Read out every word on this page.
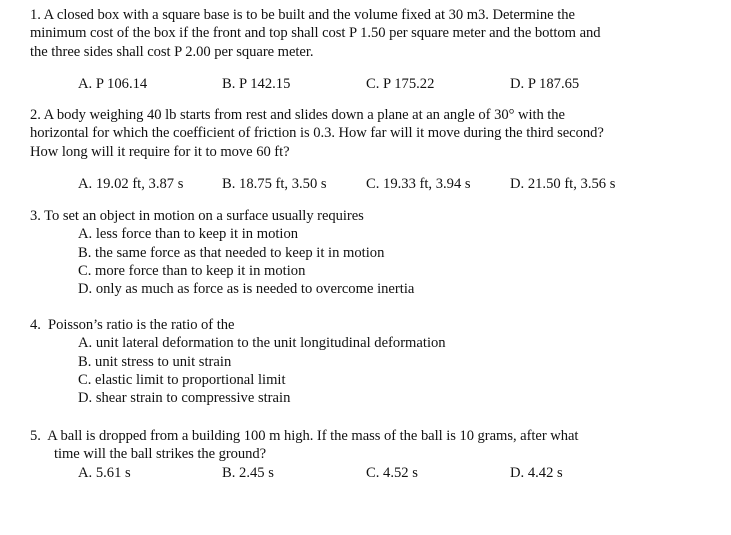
1. A closed box with a square base is to be built and the volume fixed at 30 m3. Determine the

minimum cost of the box if the front and top shall cost P 1.50 per square meter and the bottom and

the three sides shall cost P 2.00 per square meter.

A. P 106.14	B. P 142.15	C. P 175.22	D. P 187.65

2. A body weighing 40 lb starts from rest and slides down a plane at an angle of 30° with the

horizontal for which the coefficient of friction is 0.3. How far will it move during the third second?

How long will it require for it to move 60 ft?

A. 19.02 ft, 3.87 s	B. 18.75 ft, 3.50 s	C. 19.33 ft, 3.94 s	D. 21.50 ft, 3.56 s

3. To set an object in motion on a surface usually requires

A. less force than to keep it in motion
B. the same force as that needed to keep it in motion
C. more force than to keep it in motion
D. only as much as force as is needed to overcome inertia

4.  Poisson’s ratio is the ratio of the

A. unit lateral deformation to the unit longitudinal deformation
B. unit stress to unit strain
C. elastic limit to proportional limit
D. shear strain to compressive strain

5.  A ball is dropped from a building 100 m high. If the mass of the ball is 10 grams, after what

time will the ball strikes the ground?

A. 5.61 s	B. 2.45 s	C. 4.52 s	D. 4.42 s
